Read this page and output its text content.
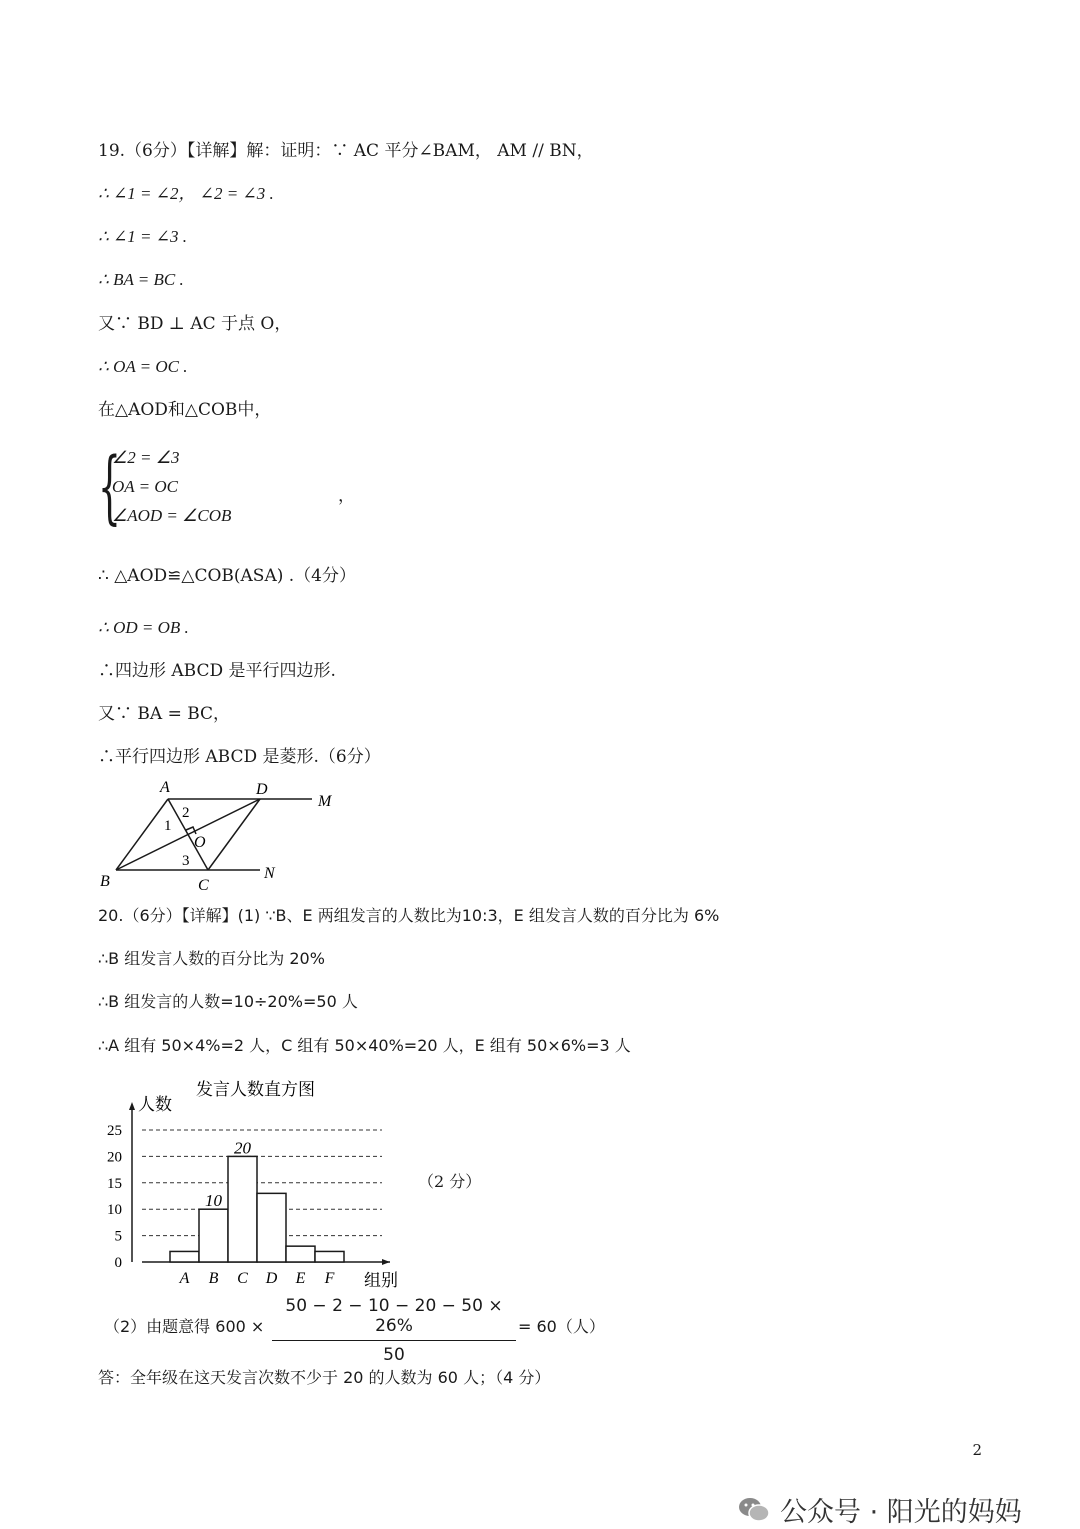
19.（6分）【详解】解：证明：∵ AC 平分∠BAM， AM // BN，
∴ ∠1 = ∠2， ∠2 = ∠3 .
∴ ∠1 = ∠3 .
∴ BA = BC .
又∵ BD ⊥ AC 于点 O，
∴ OA = OC .
在△AOD和△COB中，
{
∠2 = ∠3
OA = OC
∠AOD = ∠COB
，
∴ △AOD≌△COB(ASA) .（4分）
∴ OD = OB .
∴四边形 ABCD 是平行四边形.
又∵ BA = BC，
∴平行四边形 ABCD 是菱形.（6分）
A	D
M
B	C
N
O
1
2
3
20.（6分）【详解】(1) ∵B、E 两组发言的人数比为10:3，E 组发言人数的百分比为 6%
∴B 组发言人数的百分比为 20%
∴B 组发言的人数=10÷20%=50 人
∴A 组有 50×4%=2 人，C 组有 50×40%=20 人，E 组有 50×6%=3 人
发言人数直方图
人数
组别
0
5
10
15
20
25
A B
10
C
20
D E F
（2 分）
（2）由题意得 $600 \times \frac{50 - 2 - 10 - 20 - 50 \times 26\%}{50} = 60$（人）
答：全年级在这天发言次数不少于 20 的人数为 60 人；（4 分）
2
公众号 · 阳光的妈妈
